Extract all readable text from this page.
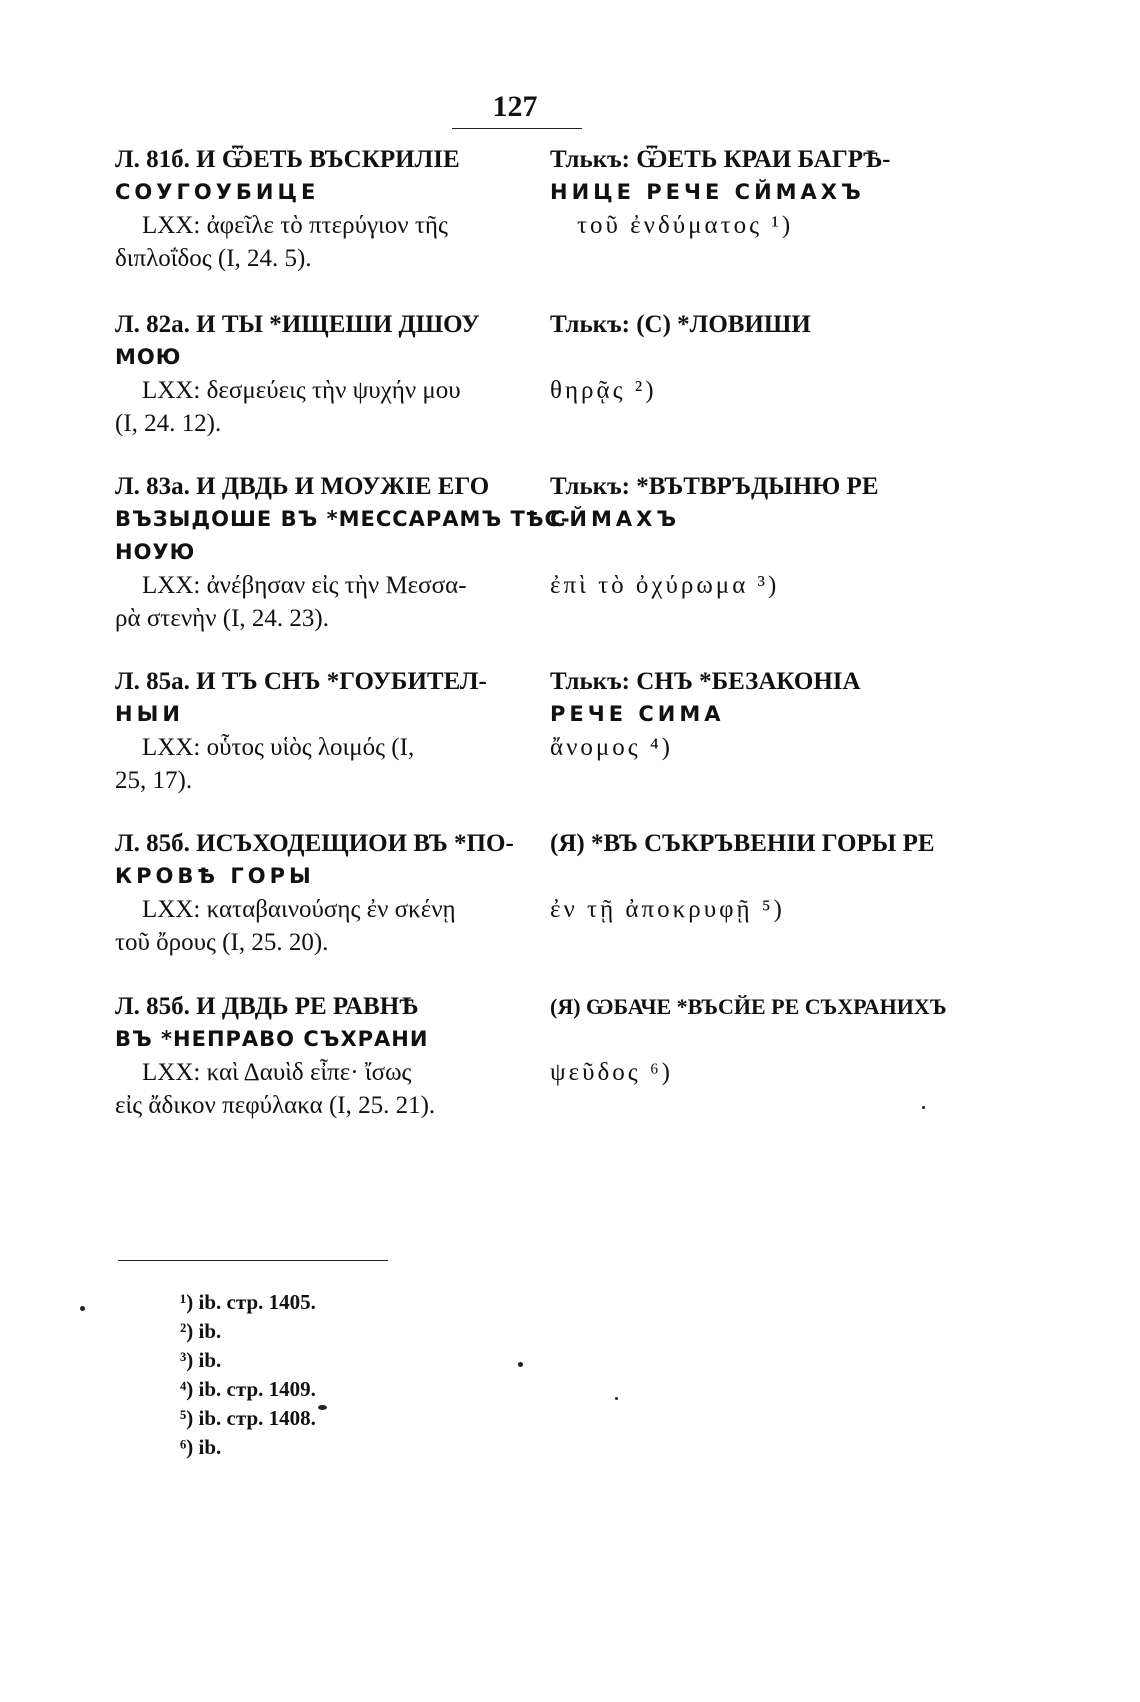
127
Л. 81б. И ѾЕТЬ ВЪСКРИЛІЕ
СОУГОУБИЦЕ
LXX: ἀφεῖλε τὸ πτερύγιον τῆς
διπλοΐδος (I, 24. 5).
Тлькъ: ѾЕТЬ КРАИ БАГРѢ-
НИЦЕ РЕЧЕ СЙМАХЪ
τοῦ ἐνδύματος ¹)
Л. 82а. И ТЫ *ИЩЕШИ ДШОУ
МОЮ
LXX: δεσμεύεις τὴν ψυχήν μου
(I, 24. 12).
Тлькъ: (С) *ЛОВИШИ
θηρᾷς ²)
Л. 83а. И ДВДЬ И МОУЖІЕ ЕГО
ВЪЗЫДОШЕ ВЪ *МЕССАРАМЪ ТѢС-
НОУЮ
LXX: ἀνέβησαν εἰς τὴν Μεσσα-
ρὰ στενὴν (I, 24. 23).
Тлькъ: *ВЪТВРЪДЫНЮ РЕ
СЙМАХЪ
ἐπὶ τὸ ὀχύρωμα ³)
Л. 85а. И ТЪ СНЪ *ГОУБИТЕЛ-
НЫИ
LXX: οὗτος υἱὸς λοιμός (I,
25, 17).
Тлькъ: СНЪ *БЕЗАКОНІА
РЕЧЕ СИМА
ἄνομος ⁴)
Л. 85б. ИСЪХОДЕЩИОИ ВЪ *ПО-
КРОВѢ ГОРЫ
LXX: καταβαινούσης ἐν σκένῃ
τοῦ ὄρους (I, 25. 20).
(Я) *ВЪ СЪКРЪВЕНІИ ГОРЫ РЕ
ἐν τῇ ἀποκρυφῇ ⁵)
Л. 85б. И ДВДЬ РЕ РАВНѢ
ВЪ *НЕПРАВО СЪХРАНИ
LXX: καὶ Δαυὶδ εἶπε· ἴσως
εἰς ἄδικον πεφύλακα (I, 25. 21).
(Я) ѠБАЧЕ *ВЪСЙЕ РЕ СЪХРАНИХЪ
ψεῦδος ⁶)
¹) ib. стр. 1405.
²) ib.
³) ib.
⁴) ib. стр. 1409.
⁵) ib. стр. 1408.
⁶) ib.
